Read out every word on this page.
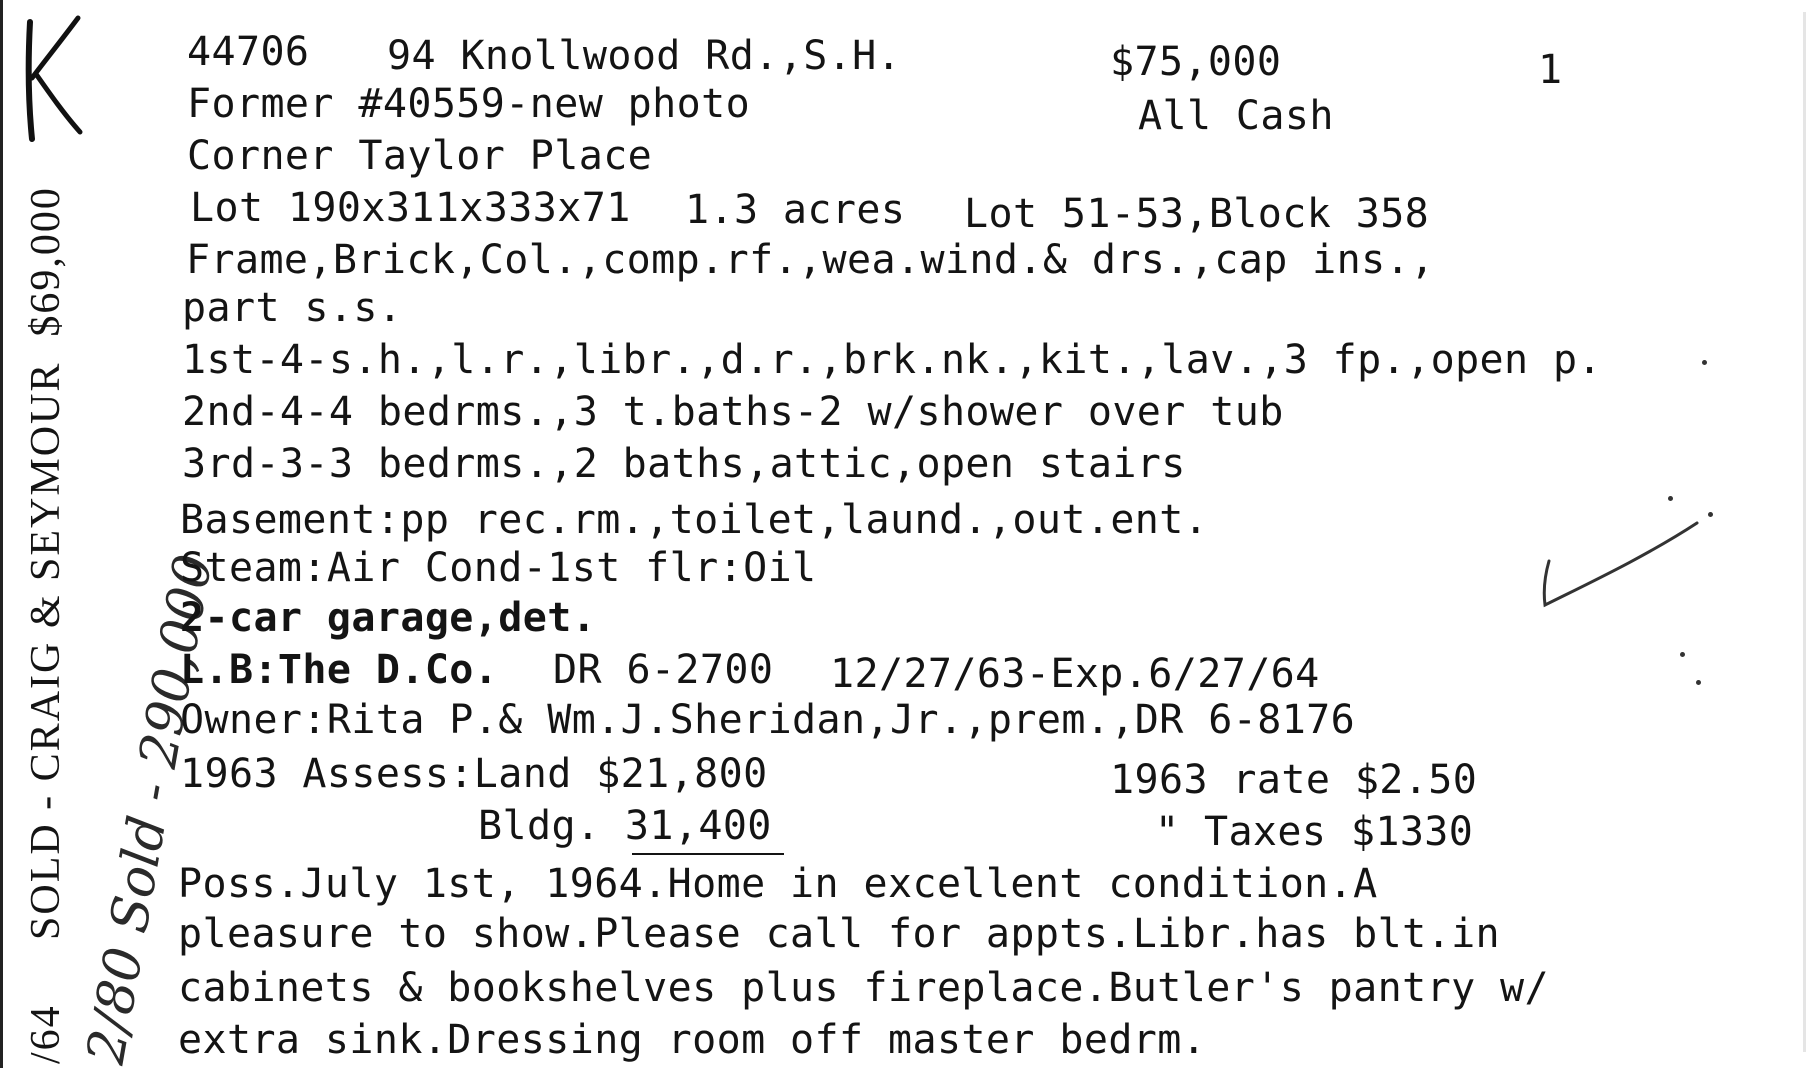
SOLD - CRAIG & SEYMOUR  $69,000
/64 2/80 Sold - 290,000
44706 94 Knollwood Rd.,S.H.	$75,000	1
Former #40559-new photo	All Cash
Corner Taylor Place
Lot 190x311x333x71 1.3 acres Lot 51-53,Block 358
Frame,Brick,Col.,comp.rf.,wea.wind.& drs.,cap ins.,
part s.s.
1st-4-s.h.,l.r.,libr.,d.r.,brk.nk.,kit.,lav.,3 fp.,open p.
2nd-4-4 bedrms.,3 t.baths-2 w/shower over tub
3rd-3-3 bedrms.,2 baths,attic,open stairs
Basement:pp rec.rm.,toilet,laund.,out.ent.
Steam:Air Cond-1st flr:Oil
2-car garage,det.
L.B:The D.Co. DR 6-2700 12/27/63-Exp.6/27/64
Owner:Rita P.& Wm.J.Sheridan,Jr.,prem.,DR 6-8176
1963 Assess:Land $21,800	1963 rate $2.50
Bldg. 31,400	" Taxes $1330
Poss.July 1st, 1964.Home in excellent condition.A
pleasure to show.Please call for appts.Libr.has blt.in
cabinets & bookshelves plus fireplace.Butler's pantry w/
extra sink.Dressing room off master bedrm.
